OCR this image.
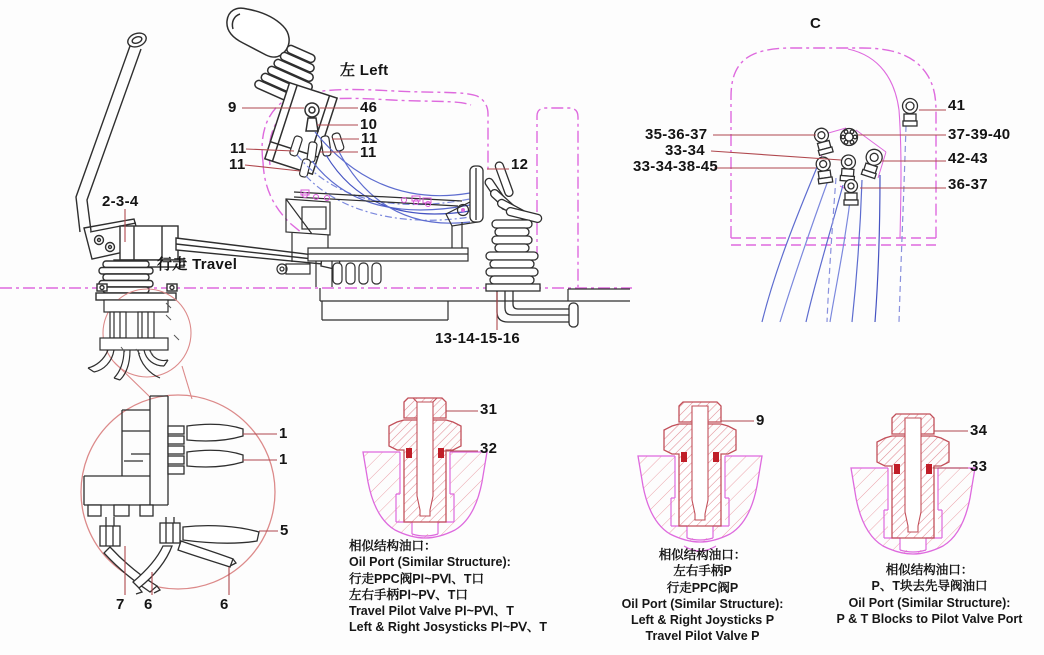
2-3-4
行走 Travel
左 Left
9	46
10
11
11
11
11	12
13-14-15-16
1
1
5
7 6	6
C
41
35-36-37	37-39-40
33-34	42-43
33-34-38-45
36-37
31
32
9
34
33
相似结构油口：
Oil Port (Similar Structure):
行走PPC阀PⅠ~PⅥ、T口
左右手柄PⅠ~PⅤ、T口
Travel Pilot Valve PⅠ~PⅥ、T
Left & Right Josysticks PⅠ~PⅤ、T
相似结构油口：
左右手柄P
行走PPC阀P
Oil Port (Similar Structure):
Left & Right Joysticks P
Travel Pilot Valve P
相似结构油口：
P、T块去先导阀油口
Oil Port (Similar Structure):
P & T Blocks to Pilot Valve Port
